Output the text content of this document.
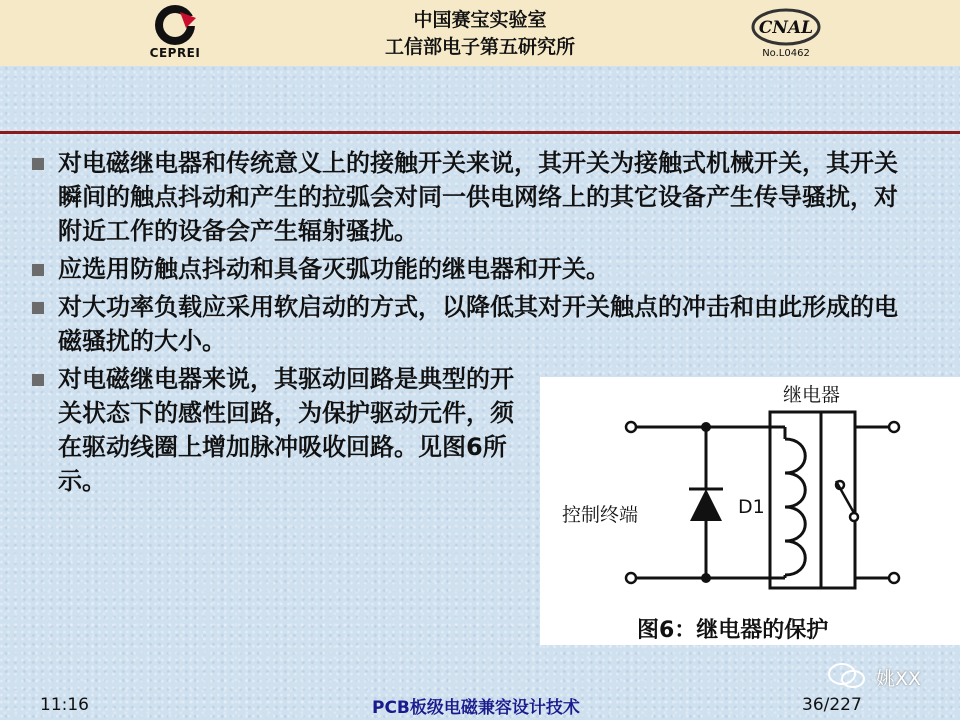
CEPREI
中国赛宝实验室
工信部电子第五研究所
CNAL
No.L0462
对电磁继电器和传统意义上的接触开关来说，其开关为接触式机械开关，其开关瞬间的触点抖动和产生的拉弧会对同一供电网络上的其它设备产生传导骚扰，对附近工作的设备会产生辐射骚扰。
应选用防触点抖动和具备灭弧功能的继电器和开关。
对大功率负载应采用软启动的方式，以降低其对开关触点的冲击和由此形成的电磁骚扰的大小。
对电磁继电器来说，其驱动回路是典型的开关状态下的感性回路，为保护驱动元件，须在驱动线圈上增加脉冲吸收回路。见图6所示。
继电器
D1
控制终端
图6：继电器的保护
姚XX
11:16	PCB板级电磁兼容设计技术	36/227
